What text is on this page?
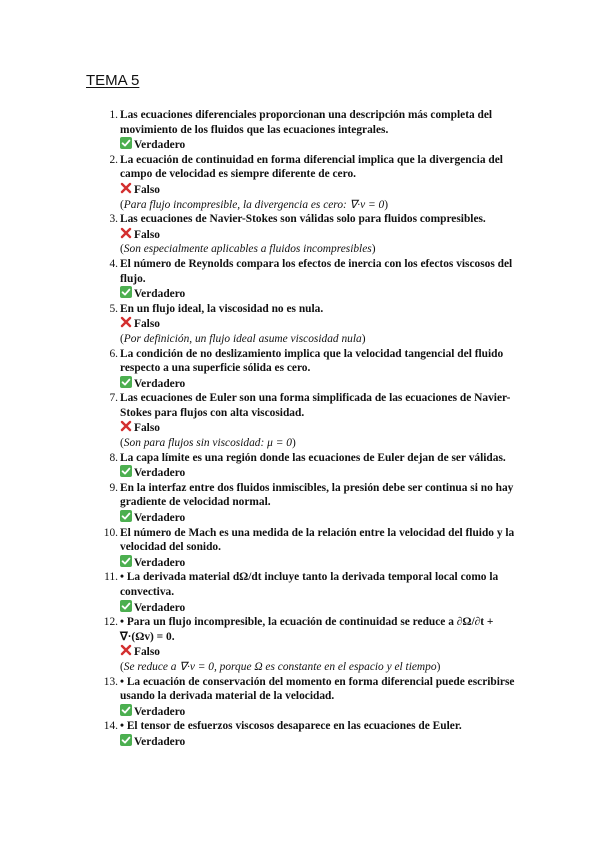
TEMA 5
1. Las ecuaciones diferenciales proporcionan una descripción más completa del movimiento de los fluidos que las ecuaciones integrales.
Verdadero
2. La ecuación de continuidad en forma diferencial implica que la divergencia del campo de velocidad es siempre diferente de cero.
Falso
(Para flujo incompresible, la divergencia es cero: ∇·v = 0)
3. Las ecuaciones de Navier-Stokes son válidas solo para fluidos compresibles.
Falso
(Son especialmente aplicables a fluidos incompresibles)
4. El número de Reynolds compara los efectos de inercia con los efectos viscosos del flujo.
Verdadero
5. En un flujo ideal, la viscosidad no es nula.
Falso
(Por definición, un flujo ideal asume viscosidad nula)
6. La condición de no deslizamiento implica que la velocidad tangencial del fluido respecto a una superficie sólida es cero.
Verdadero
7. Las ecuaciones de Euler son una forma simplificada de las ecuaciones de Navier-Stokes para flujos con alta viscosidad.
Falso
(Son para flujos sin viscosidad: μ = 0)
8. La capa límite es una región donde las ecuaciones de Euler dejan de ser válidas.
Verdadero
9. En la interfaz entre dos fluidos inmiscibles, la presión debe ser continua si no hay gradiente de velocidad normal.
Verdadero
10. El número de Mach es una medida de la relación entre la velocidad del fluido y la velocidad del sonido.
Verdadero
11. • La derivada material dΩ/dt incluye tanto la derivada temporal local como la convectiva.
Verdadero
12. • Para un flujo incompresible, la ecuación de continuidad se reduce a ∂Ω/∂t + ∇·(Ωv) = 0.
Falso
(Se reduce a ∇·v = 0, porque Ω es constante en el espacio y el tiempo)
13. • La ecuación de conservación del momento en forma diferencial puede escribirse usando la derivada material de la velocidad.
Verdadero
14. • El tensor de esfuerzos viscosos desaparece en las ecuaciones de Euler.
Verdadero
